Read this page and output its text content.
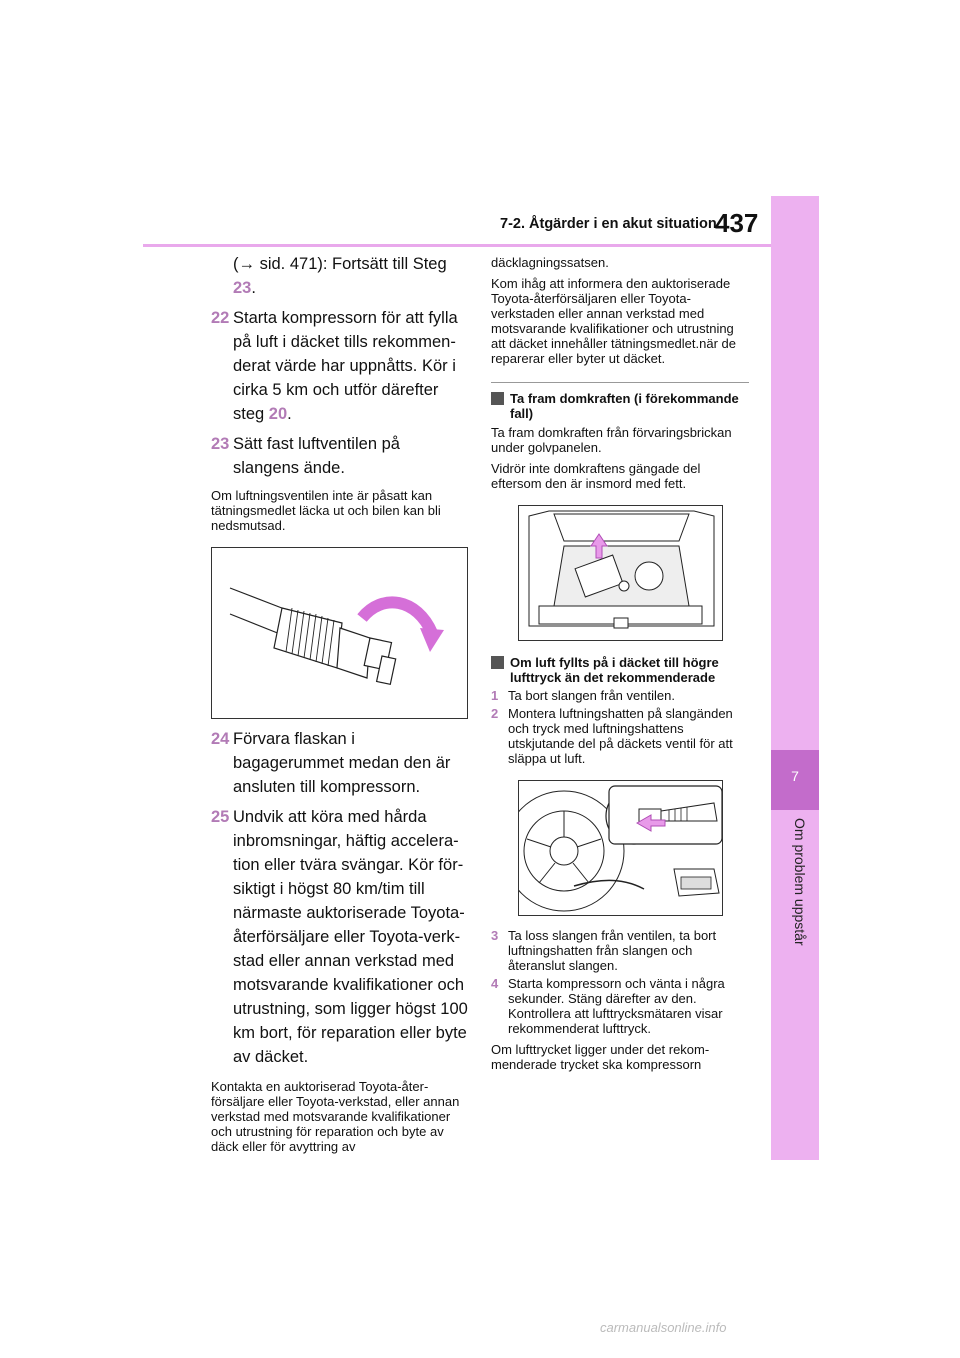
7-2. Åtgärder i en akut situation
437
7
Om problem uppstår
(→ sid. 471): Fortsätt till Steg 23.
22 Starta kompressorn för att fylla på luft i däcket tills rekommenderat värde har uppnåtts. Kör i cirka 5 km och utför därefter steg 20.
23 Sätt fast luftventilen på slangens ände.

Om luftningsventilen inte är påsatt kan tätningsmedlet läcka ut och bilen kan bli nedsmutsad.

24 Förvara flaskan i bagagerummet medan den är ansluten till kompressorn.
25 Undvik att köra med hårda inbromsningar, häftig acceleration eller tvära svängar. Kör försiktigt i högst 80 km/tim till närmaste auktoriserade Toyota-återförsäljare eller Toyota-verkstad eller annan verkstad med motsvarande kvalifikationer och utrustning, som ligger högst 100 km bort, för reparation eller byte av däcket.

Kontakta en auktoriserad Toyota-återförsäljare eller Toyota-verkstad, eller annan verkstad med motsvarande kvalifikationer och utrustning för reparation och byte av däck eller för avyttring av

däcklagningssatsen.

Kom ihåg att informera den auktoriserade Toyota-återförsäljaren eller Toyota-verkstaden eller annan verkstad med motsvarande kvalifikationer och utrustning att däcket innehåller tätningsmedlet.när de reparerar eller byter ut däcket.

Ta fram domkraften (i förekommande fall)

Ta fram domkraften från förvaringsbrickan under golvpanelen.

Vidrör inte domkraftens gängade del eftersom den är insmord med fett.

Om luft fyllts på i däcket till högre lufttryck än det rekommenderade
1 Ta bort slangen från ventilen.
2 Montera luftningshatten på slangänden och tryck med luftningshattens utskjutande del på däckets ventil för att släppa ut luft.
3 Ta loss slangen från ventilen, ta bort luftningshatten från slangen och återanslut slangen.
4 Starta kompressorn och vänta i några sekunder. Stäng därefter av den. Kontrollera att lufttrycksmätaren visar rekommenderat lufttryck.

Om lufttrycket ligger under det rekommenderade trycket ska kompressorn

carmanualsonline.info
